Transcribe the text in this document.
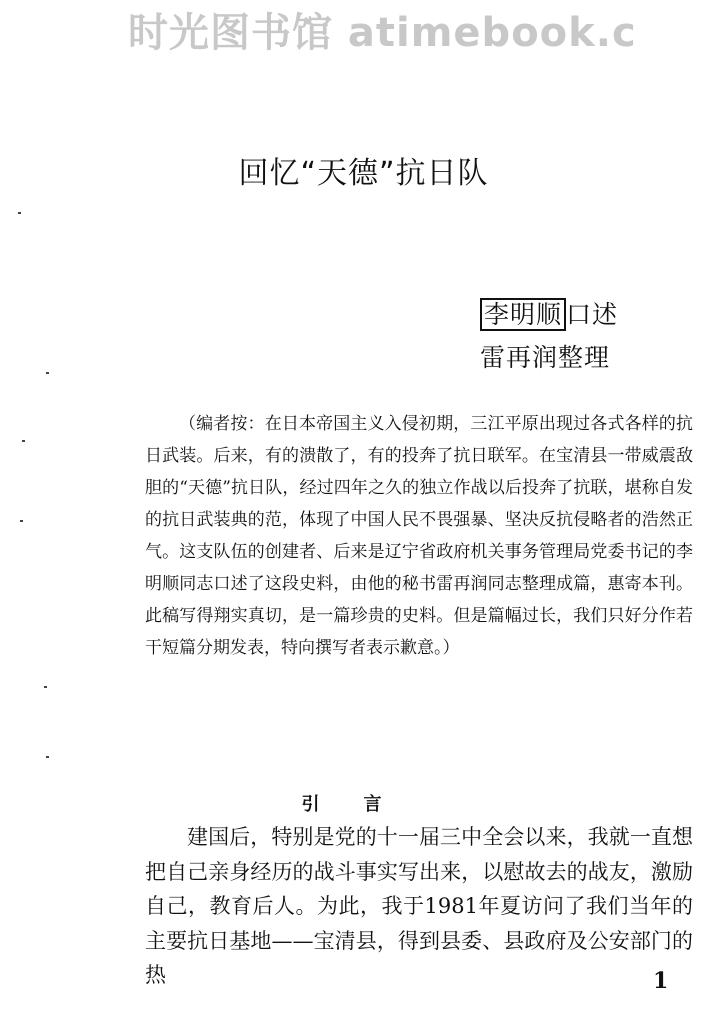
时光图书馆 atimebook.c
回忆“天德”抗日队
李明顺 口述
雷再润整理
（编者按：在日本帝国主义入侵初期，三江平原出现过各式各样的抗日武装。后来，有的溃散了，有的投奔了抗日联军。在宝清县一带威震敌胆的“天德”抗日队，经过四年之久的独立作战以后投奔了抗联，堪称自发的抗日武装典的范，体现了中国人民不畏强暴、坚决反抗侵略者的浩然正气。这支队伍的创建者、后来是辽宁省政府机关事务管理局党委书记的李明顺同志口述了这段史料，由他的秘书雷再润同志整理成篇，惠寄本刊。此稿写得翔实真切，是一篇珍贵的史料。但是篇幅过长，我们只好分作若干短篇分期发表，特向撰写者表示歉意。）
引言
建国后，特别是党的十一届三中全会以来，我就一直想把自己亲身经历的战斗事实写出来，以慰故去的战友，激励自己，教育后人。为此，我于1981年夏访问了我们当年的主要抗日基地——宝清县，得到县委、县政府及公安部门的热	1
